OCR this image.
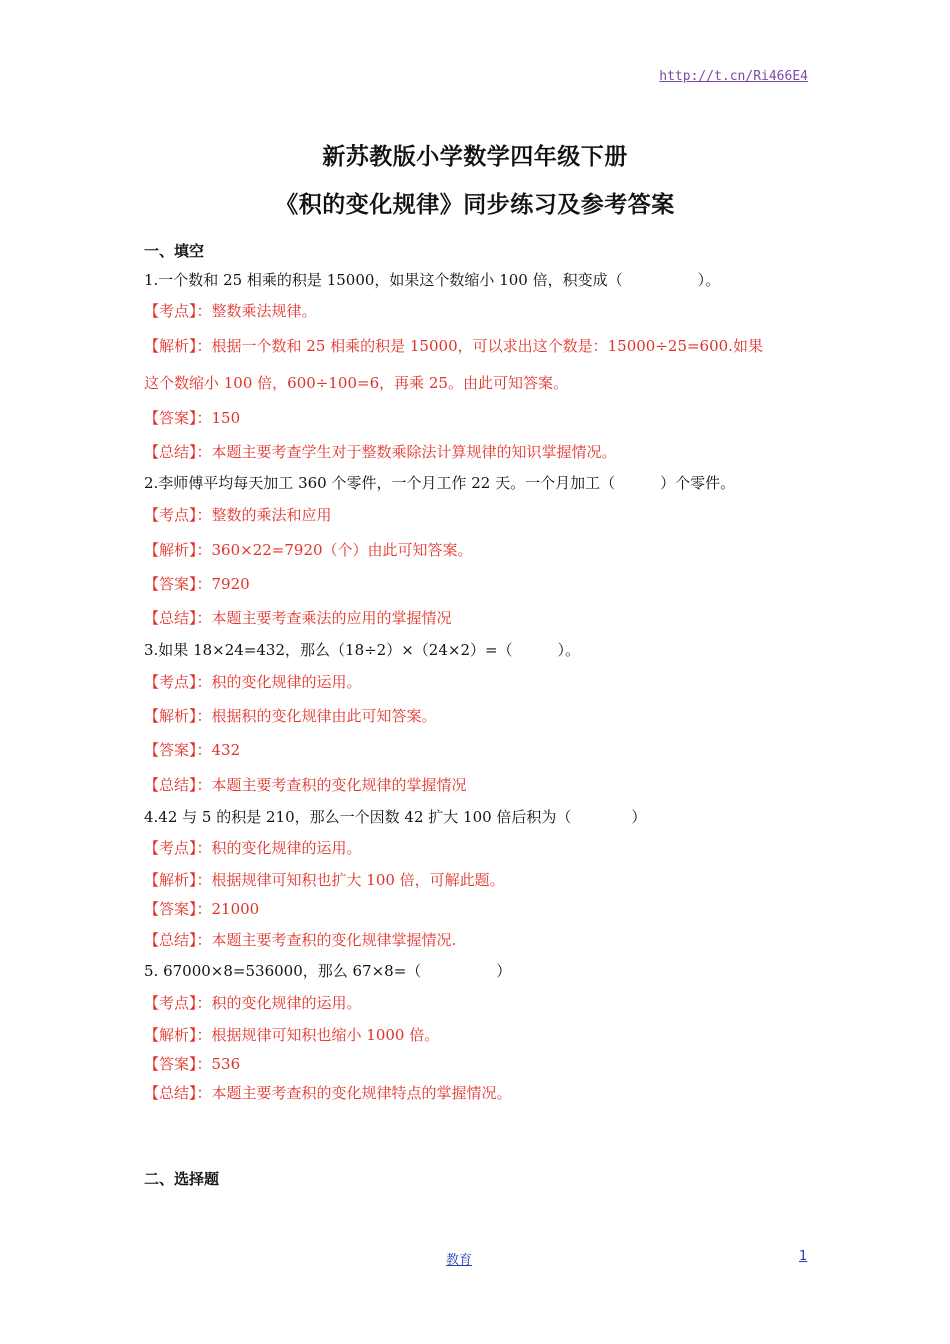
http://t.cn/Ri466E4
新苏教版小学数学四年级下册
《积的变化规律》同步练习及参考答案
一、填空
1.一个数和 25 相乘的积是 15000，如果这个数缩小 100 倍，积变成（　　　　　）。
【考点】：整数乘法规律。
【解析】：根据一个数和 25 相乘的积是 15000，可以求出这个数是：15000÷25=600.如果
这个数缩小 100 倍，600÷100=6，再乘 25。由此可知答案。
【答案】：150
【总结】：本题主要考查学生对于整数乘除法计算规律的知识掌握情况。
2.李师傅平均每天加工 360 个零件，一个月工作 22 天。一个月加工（　　　）个零件。
【考点】：整数的乘法和应用
【解析】：360×22=7920（个）由此可知答案。
【答案】：7920
【总结】：本题主要考查乘法的应用的掌握情况
3.如果 18×24=432，那么（18÷2）×（24×2）=（　　　）。
【考点】：积的变化规律的运用。
【解析】：根据积的变化规律由此可知答案。
【答案】：432
【总结】：本题主要考查积的变化规律的掌握情况
4.42 与 5 的积是 210，那么一个因数 42 扩大 100 倍后积为（　　　　）
【考点】：积的变化规律的运用。
【解析】：根据规律可知积也扩大 100 倍，可解此题。
【答案】：21000
【总结】：本题主要考查积的变化规律掌握情况.
5. 67000×8=536000，那么 67×8=（　　　　　）
【考点】：积的变化规律的运用。
【解析】：根据规律可知积也缩小 1000 倍。
【答案】：536
【总结】：本题主要考查积的变化规律特点的掌握情况。
二、选择题
教育	1
